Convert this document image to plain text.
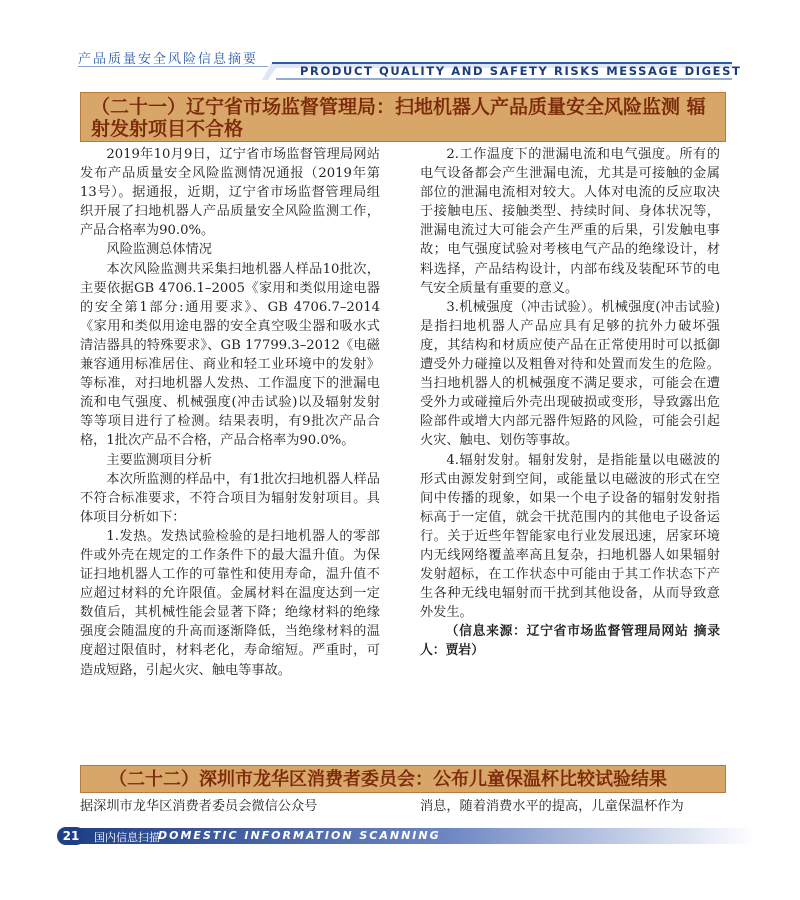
产品质量安全风险信息摘要
PRODUCT QUALITY AND SAFETY RISKS MESSAGE DIGEST
（二十一）辽宁省市场监督管理局：扫地机器人产品质量安全风险监测 辐射发射项目不合格

2019年10月9日，辽宁省市场监督管理局网站发布产品质量安全风险监测情况通报（2019年第13号）。据通报，近期，辽宁省市场监督管理局组织开展了扫地机器人产品质量安全风险监测工作，产品合格率为90.0%。

风险监测总体情况

本次风险监测共采集扫地机器人样品10批次，主要依据GB 4706.1–2005《家用和类似用途电器的安全第1部分:通用要求》、GB 4706.7–2014《家用和类似用途电器的安全真空吸尘器和吸水式清洁器具的特殊要求》、GB 17799.3–2012《电磁兼容通用标准居住、商业和轻工业环境中的发射》等标准，对扫地机器人发热、工作温度下的泄漏电流和电气强度、机械强度(冲击试验)以及辐射发射等等项目进行了检测。结果表明，有9批次产品合格，1批次产品不合格，产品合格率为90.0%。

主要监测项目分析

本次所监测的样品中，有1批次扫地机器人样品不符合标准要求，不符合项目为辐射发射项目。具体项目分析如下：

1.发热。发热试验检验的是扫地机器人的零部件或外壳在规定的工作条件下的最大温升值。为保证扫地机器人工作的可靠性和使用寿命，温升值不应超过材料的允许限值。金属材料在温度达到一定数值后，其机械性能会显著下降；绝缘材料的绝缘强度会随温度的升高而逐渐降低，当绝缘材料的温度超过限值时，材料老化，寿命缩短。严重时，可造成短路，引起火灾、触电等事故。

2.工作温度下的泄漏电流和电气强度。所有的电气设备都会产生泄漏电流，尤其是可接触的金属部位的泄漏电流相对较大。人体对电流的反应取决于接触电压、接触类型、持续时间、身体状况等，泄漏电流过大可能会产生严重的后果，引发触电事故；电气强度试验对考核电气产品的绝缘设计，材料选择，产品结构设计，内部布线及装配环节的电气安全质量有重要的意义。

3.机械强度（冲击试验）。机械强度(冲击试验)是指扫地机器人产品应具有足够的抗外力破坏强度，其结构和材质应使产品在正常使用时可以抵御遭受外力碰撞以及粗鲁对待和处置而发生的危险。当扫地机器人的机械强度不满足要求，可能会在遭受外力或碰撞后外壳出现破损或变形，导致露出危险部件或增大内部元器件短路的风险，可能会引起火灾、触电、划伤等事故。

4.辐射发射。辐射发射，是指能量以电磁波的形式由源发射到空间，或能量以电磁波的形式在空间中传播的现象，如果一个电子设备的辐射发射指标高于一定值，就会干扰范围内的其他电子设备运行。关于近些年智能家电行业发展迅速，居家环境内无线网络覆盖率高且复杂，扫地机器人如果辐射发射超标，在工作状态中可能由于其工作状态下产生各种无线电辐射而干扰到其他设备，从而导致意外发生。

（信息来源：辽宁省市场监督管理局网站 摘录人：贾岩）

（二十二）深圳市龙华区消费者委员会：公布儿童保温杯比较试验结果
据深圳市龙华区消费者委员会微信公众号	消息，随着消费水平的提高，儿童保温杯作为
21	国内信息扫描
DOMESTIC INFORMATION SCANNING
